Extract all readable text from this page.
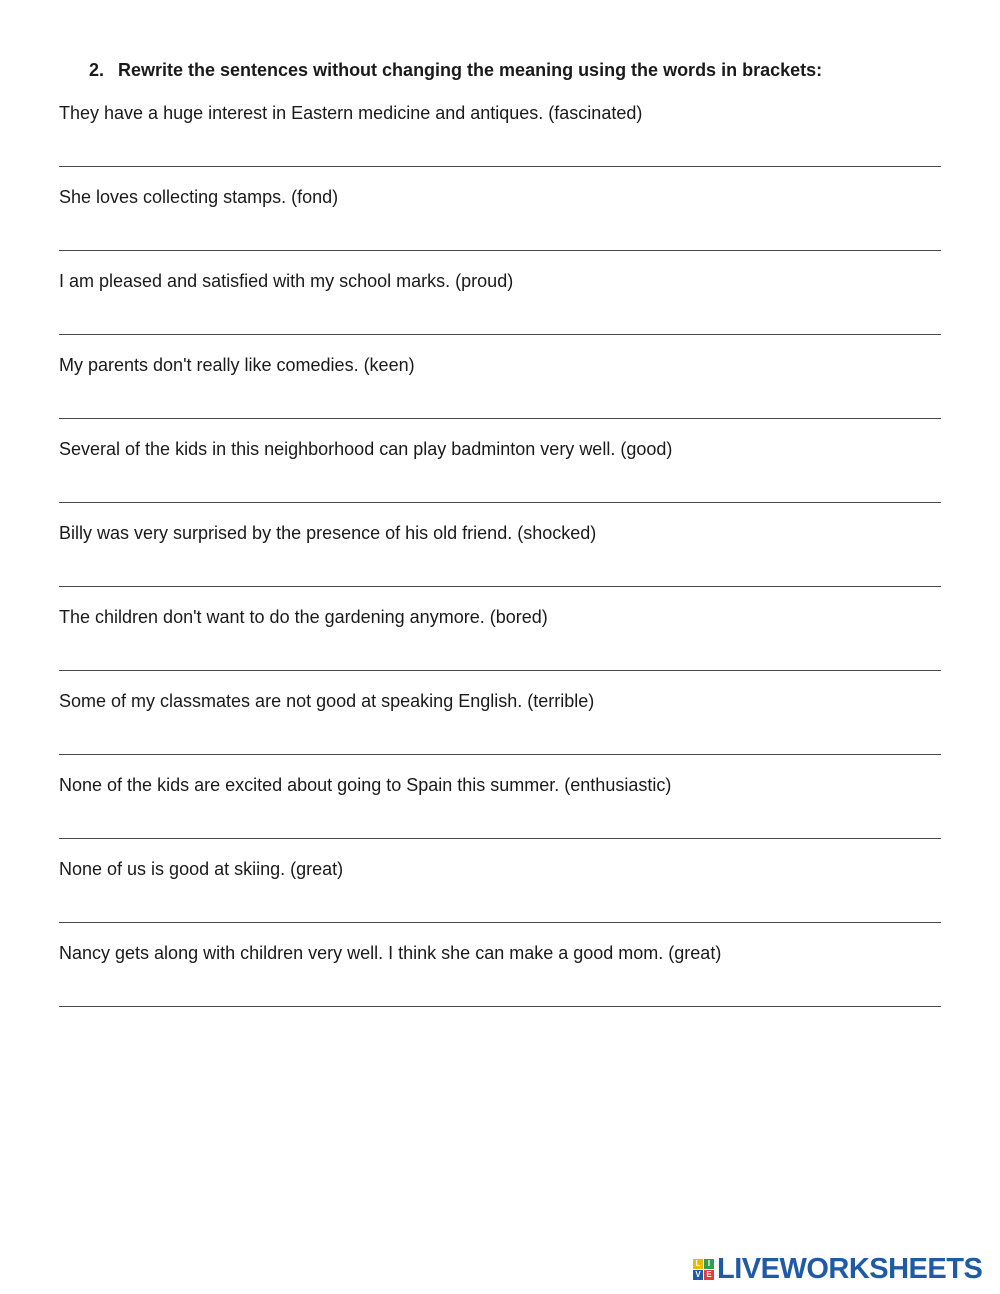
2. Rewrite the sentences without changing the meaning using the words in brackets:
They have a huge interest in Eastern medicine and antiques. (fascinated)
She loves collecting stamps. (fond)
I am pleased and satisfied with my school marks. (proud)
My parents don't really like comedies. (keen)
Several of the kids in this neighborhood can play badminton very well. (good)
Billy was very surprised by the presence of his old friend. (shocked)
The children don't want to do the gardening anymore. (bored)
Some of my classmates are not good at speaking English. (terrible)
None of the kids are excited about going to Spain this summer. (enthusiastic)
None of us is good at skiing. (great)
Nancy gets along with children very well. I think she can make a good mom. (great)
L I
V E LIVEWORKSHEETS
